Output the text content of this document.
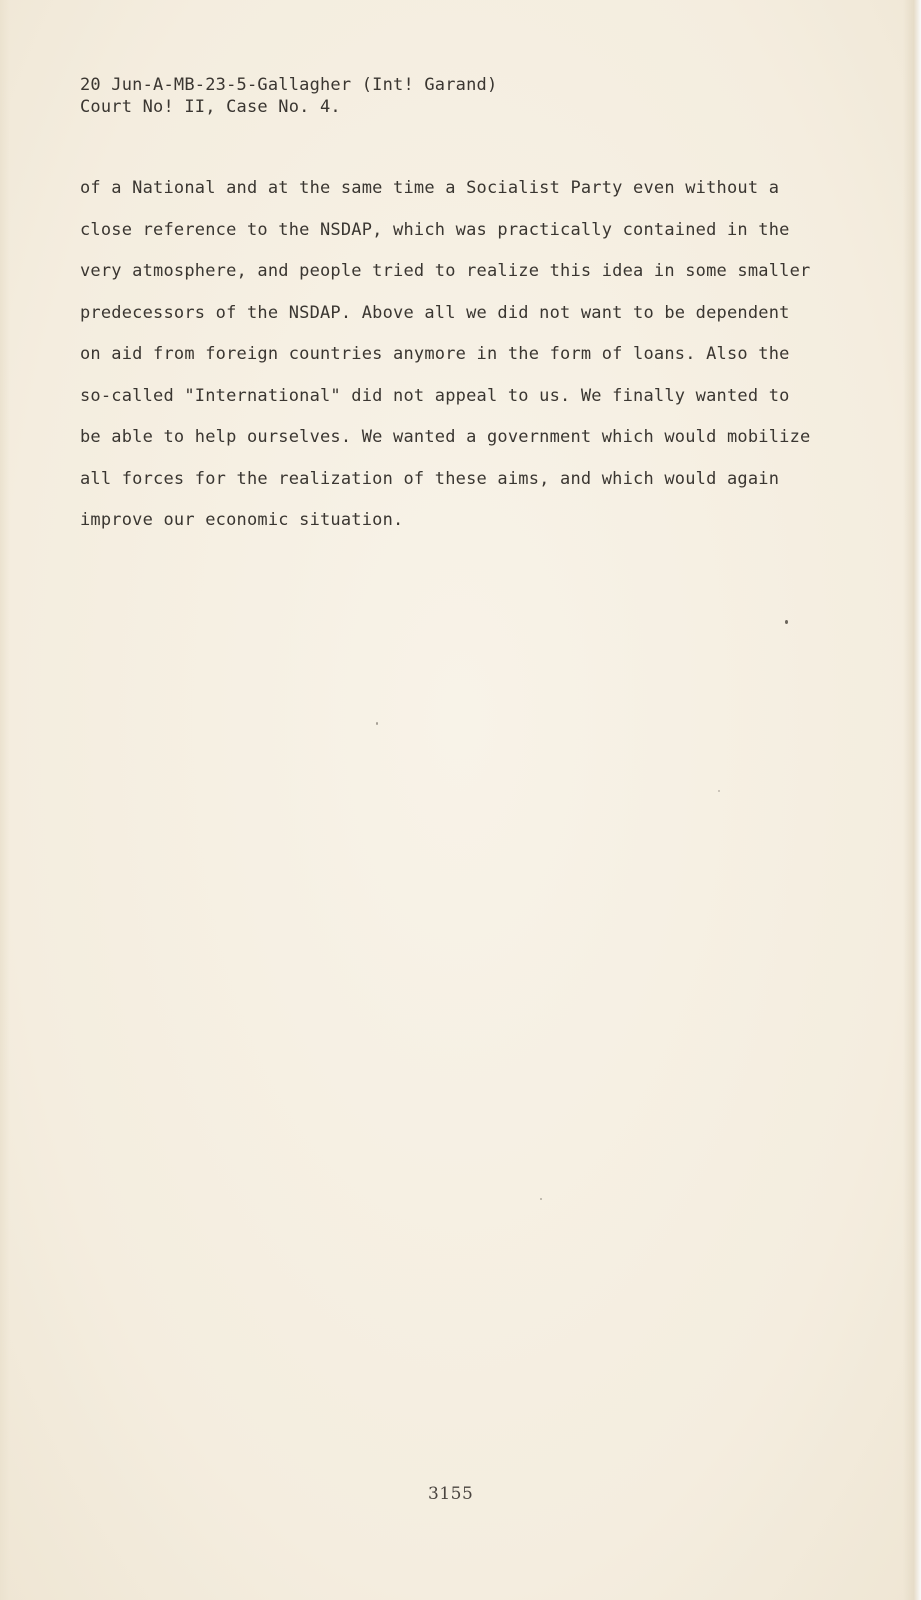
20 Jun-A-MB-23-5-Gallagher (Int! Garand)
Court No! II, Case No. 4.
of a National and at the same time a Socialist Party even without a
close reference to the NSDAP, which was practically contained in the
very atmosphere, and people tried to realize this idea in some smaller
predecessors of the NSDAP. Above all we did not want to be dependent
on aid from foreign countries anymore in the form of loans. Also the
so-called "International" did not appeal to us. We finally wanted to
be able to help ourselves. We wanted a government which would mobilize
all forces for the realization of these aims, and which would again
improve our economic situation.
3155
